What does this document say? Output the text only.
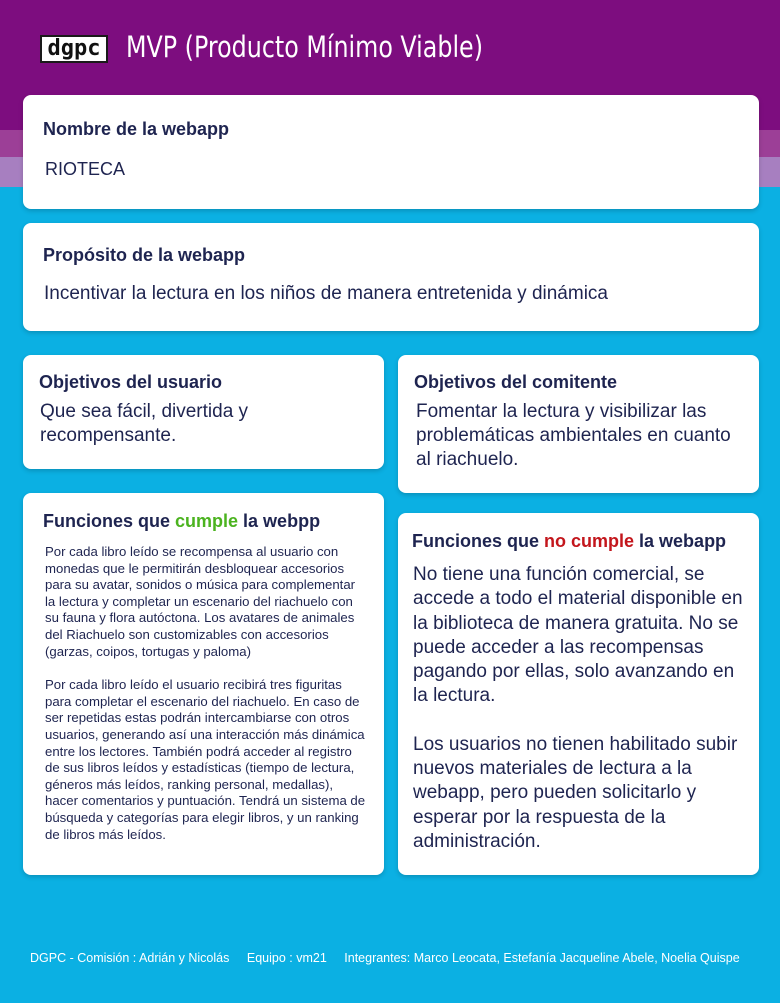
dgpc MVP (Producto Mínimo Viable)
Nombre de la webapp
RIOTECA
Propósito de la webapp
Incentivar la lectura en los niños de manera entretenida y dinámica
Objetivos del usuario
Que sea fácil, divertida y recompensante.
Objetivos del comitente
Fomentar la lectura y visibilizar las problemáticas ambientales en cuanto al riachuelo.
Funciones que cumple la webpp

Por cada libro leído se recompensa al usuario con monedas que le permitirán desbloquear accesorios para su avatar, sonidos o música para complementar la lectura y completar un escenario del riachuelo con su fauna y flora autóctona. Los avatares de animales del Riachuelo son customizables con accesorios (garzas, coipos, tortugas y paloma)

Por cada libro leído el usuario recibirá tres figuritas para completar el escenario del riachuelo. En caso de ser repetidas estas podrán intercambiarse con otros usuarios, generando así una interacción más dinámica entre los lectores. También podrá acceder al registro de sus libros leídos y estadísticas (tiempo de lectura, géneros más leídos, ranking personal, medallas), hacer comentarios y puntuación. Tendrá un sistema de búsqueda y categorías para elegir libros, y un ranking de libros más leídos.

Funciones que no cumple la webapp

No tiene una función comercial, se accede a todo el material disponible en la biblioteca de manera gratuita. No se puede acceder a las recompensas pagando por ellas, solo avanzando en la lectura.

Los usuarios no tienen habilitado subir nuevos materiales de lectura a la webapp, pero pueden solicitarlo y esperar por la respuesta de la administración.

DGPC - Comisión : Adrián y Nicolás Equipo : vm21 Integrantes: Marco Leocata, Estefanía Jacqueline Abele, Noelia Quispe
